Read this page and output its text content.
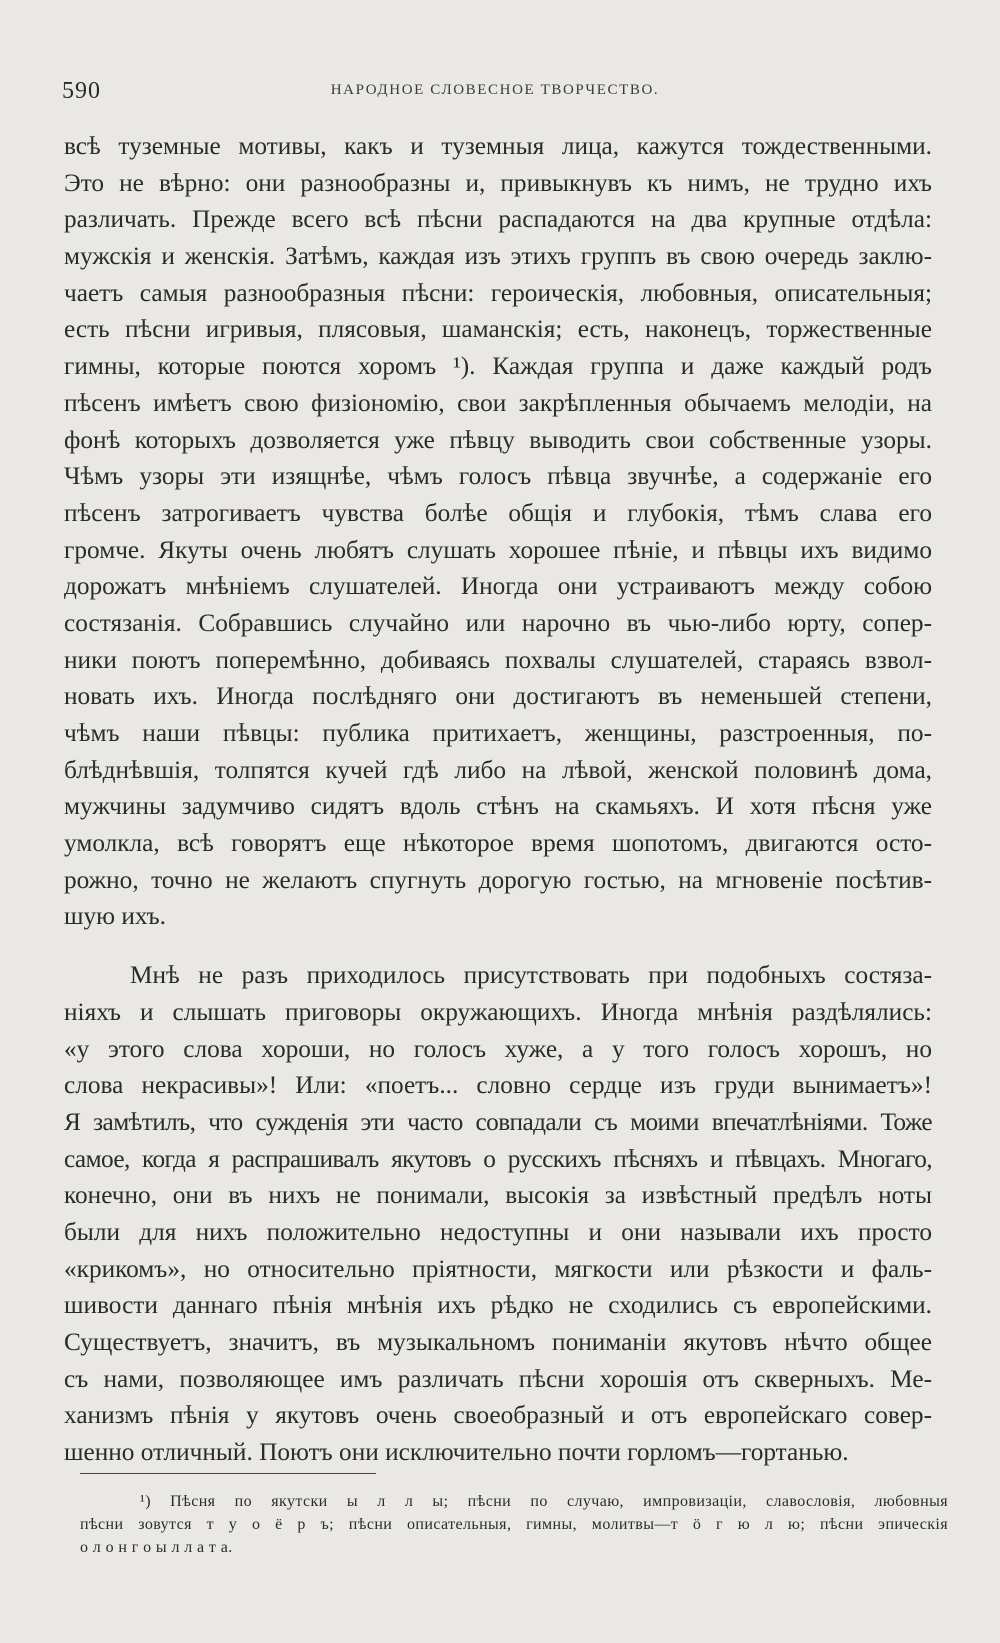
590	НАРОДНОЕ СЛОВЕСНОЕ ТВОРЧЕСТВО.
всѣ туземные мотивы, какъ и туземныя лица, кажутся тождественными.
Это не вѣрно: они разнообразны и, привыкнувъ къ нимъ, не трудно ихъ
различать. Прежде всего всѣ пѣсни распадаются на два крупные отдѣла:
мужскія и женскія. Затѣмъ, каждая изъ этихъ группъ въ свою очередь заклю-
чаетъ самыя разнообразныя пѣсни: героическія, любовныя, описательныя;
есть пѣсни игривыя, плясовыя, шаманскія; есть, наконецъ, торжественные
гимны, которые поются хоромъ ¹). Каждая группа и даже каждый родъ
пѣсенъ имѣетъ свою физіономію, свои закрѣпленныя обычаемъ мелодіи, на
фонѣ которыхъ дозволяется уже пѣвцу выводить свои собственные узоры.
Чѣмъ узоры эти изящнѣе, чѣмъ голосъ пѣвца звучнѣе, а содержаніе его
пѣсенъ затрогиваетъ чувства болѣе общія и глубокія, тѣмъ слава его
громче. Якуты очень любятъ слушать хорошее пѣніе, и пѣвцы ихъ видимо
дорожатъ мнѣніемъ слушателей. Иногда они устраиваютъ между собою
состязанія. Собравшись случайно или нарочно въ чью-либо юрту, сопер-
ники поютъ поперемѣнно, добиваясь похвалы слушателей, стараясь взвол-
новать ихъ. Иногда послѣдняго они достигаютъ въ неменьшей степени,
чѣмъ наши пѣвцы: публика притихаетъ, женщины, разстроенныя, по-
блѣднѣвшія, толпятся кучей гдѣ либо на лѣвой, женской половинѣ дома,
мужчины задумчиво сидятъ вдоль стѣнъ на скамьяхъ. И хотя пѣсня уже
умолкла, всѣ говорятъ еще нѣкоторое время шопотомъ, двигаются осто-
рожно, точно не желаютъ спугнуть дорогую гостью, на мгновеніе посѣтив-
шую ихъ.
Мнѣ не разъ приходилось присутствовать при подобныхъ состяза-
ніяхъ и слышать приговоры окружающихъ. Иногда мнѣнія раздѣлялись:
«у этого слова хороши, но голосъ хуже, а у того голосъ хорошъ, но
слова некрасивы»! Или: «поетъ... словно сердце изъ груди вынимаетъ»!
Я замѣтилъ, что сужденія эти часто совпадали съ моими впечатлѣніями. Тоже
самое, когда я распрашивалъ якутовъ о русскихъ пѣсняхъ и пѣвцахъ. Многаго,
конечно, они въ нихъ не понимали, высокія за извѣстный предѣлъ ноты
были для нихъ положительно недоступны и они называли ихъ просто
«крикомъ», но относительно пріятности, мягкости или рѣзкости и фаль-
шивости даннаго пѣнія мнѣнія ихъ рѣдко не сходились съ европейскими.
Существуетъ, значитъ, въ музыкальномъ пониманіи якутовъ нѣчто общее
съ нами, позволяющее имъ различать пѣсни хорошія отъ скверныхъ. Ме-
ханизмъ пѣнія у якутовъ очень своеобразный и отъ европейскаго совер-
шенно отличный. Поютъ они исключительно почти горломъ—гортанью.
¹) Пѣсня по якутски ы л л ы; пѣсни по случаю, импровизаціи, славословія, любовныя
пѣсни зовутся т у о ё р ъ; пѣсни описательныя, гимны, молитвы—т ö г ю л ю; пѣсни эпическія
о л о н г о ы л л а т а.
